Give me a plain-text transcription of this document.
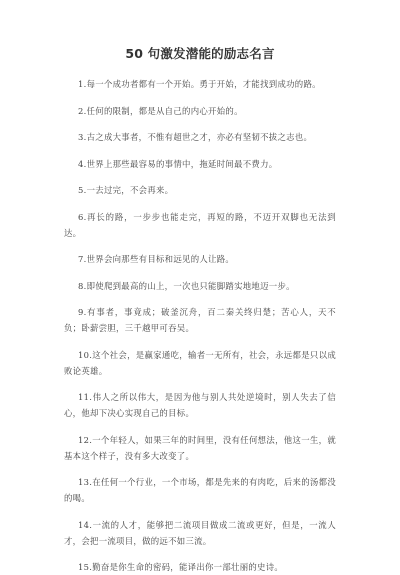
50 句激发潜能的励志名言

1.每一个成功者都有一个开始。勇于开始，才能找到成功的路。

2.任何的限制，都是从自己的内心开始的。

3.古之成大事者，不惟有超世之才，亦必有坚韧不拔之志也。

4.世界上那些最容易的事情中，拖延时间最不费力。

5.一去过完，不会再来。

6.再长的路，一步步也能走完，再短的路，不迈开双脚也无法到达。

7.世界会向那些有目标和远见的人让路。

8.即使爬到最高的山上，一次也只能脚踏实地地迈一步。

9.有事者，事竟成；破釜沉舟，百二秦关终归楚；苦心人，天不负；卧薪尝胆，三千越甲可吞吴。

10.这个社会，是赢家通吃，输者一无所有，社会，永远都是只以成败论英雄。

11.伟人之所以伟大，是因为他与别人共处逆境时，别人失去了信心，他却下决心实现自己的目标。

12.一个年轻人，如果三年的时间里，没有任何想法，他这一生，就基本这个样子，没有多大改变了。

13.在任何一个行业，一个市场，都是先来的有肉吃，后来的汤都没的喝。

14.一流的人才，能够把二流项目做成二流或更好，但是，一流人才，会把一流项目，做的远不如三流。

15.勤奋是你生命的密码，能译出你一部壮丽的史诗。
